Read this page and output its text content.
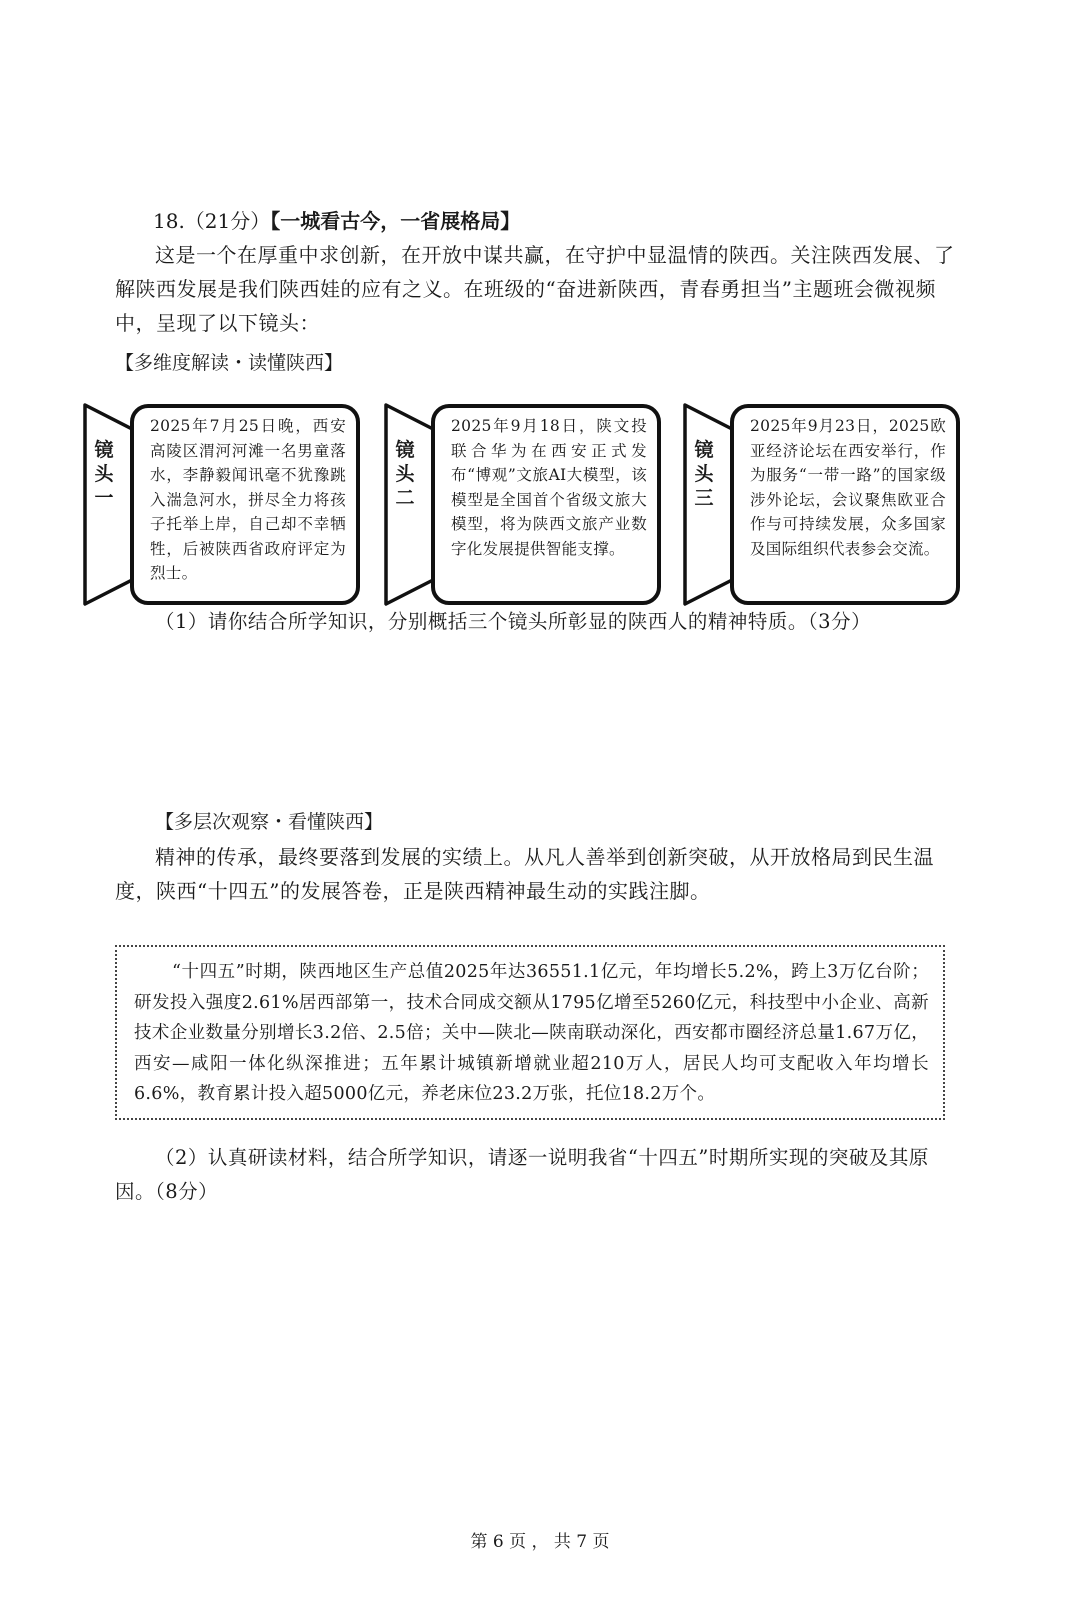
18.（21分）【一城看古今，一省展格局】
这是一个在厚重中求创新，在开放中谋共赢，在守护中显温情的陕西。关注陕西发展、了解陕西发展是我们陕西娃的应有之义。在班级的“奋进新陕西，青春勇担当”主题班会微视频中，呈现了以下镜头：
【多维度解读・读懂陕西】
镜头一
2025年7月25日晚，西安高陵区渭河河滩一名男童落水，李静毅闻讯毫不犹豫跳入湍急河水，拼尽全力将孩子托举上岸，自己却不幸牺牲，后被陕西省政府评定为烈士。
镜头二
2025年9月18日，陕文投联合华为在西安正式发布“博观”文旅AI大模型，该模型是全国首个省级文旅大模型，将为陕西文旅产业数字化发展提供智能支撑。
镜头三
2025年9月23日，2025欧亚经济论坛在西安举行，作为服务“一带一路”的国家级涉外论坛，会议聚焦欧亚合作与可持续发展，众多国家及国际组织代表参会交流。
（1）请你结合所学知识，分别概括三个镜头所彰显的陕西人的精神特质。（3分）
【多层次观察・看懂陕西】
精神的传承，最终要落到发展的实绩上。从凡人善举到创新突破，从开放格局到民生温度，陕西“十四五”的发展答卷，正是陕西精神最生动的实践注脚。
“十四五”时期，陕西地区生产总值2025年达36551.1亿元，年均增长5.2%，跨上3万亿台阶；研发投入强度2.61%居西部第一，技术合同成交额从1795亿增至5260亿元，科技型中小企业、高新技术企业数量分别增长3.2倍、2.5倍；关中—陕北—陕南联动深化，西安都市圈经济总量1.67万亿，西安—咸阳一体化纵深推进；五年累计城镇新增就业超210万人，居民人均可支配收入年均增长6.6%，教育累计投入超5000亿元，养老床位23.2万张，托位18.2万个。
（2）认真研读材料，结合所学知识，请逐一说明我省“十四五”时期所实现的突破及其原因。（8分）
第 6 页 ， 共 7 页
